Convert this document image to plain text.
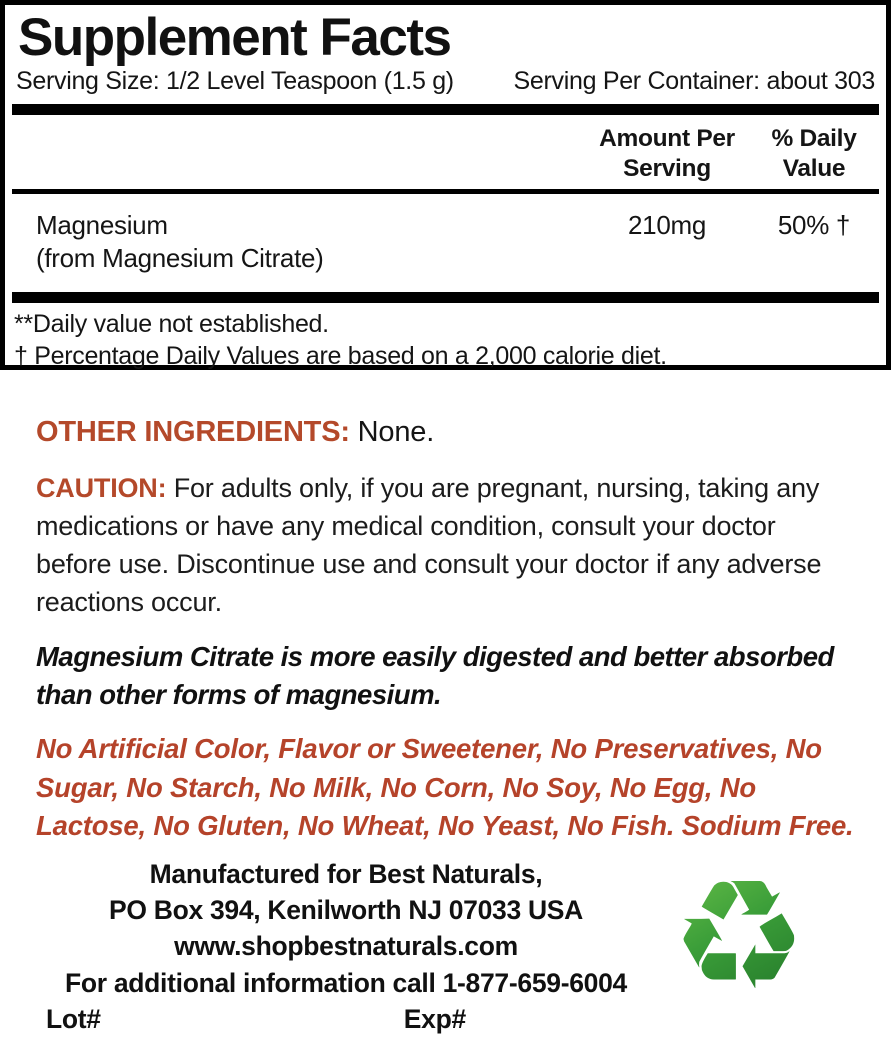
Supplement Facts
Serving Size: 1/2 Level Teaspoon (1.5 g) Serving Per Container: about 303
Amount Per Serving
% Daily Value
Magnesium
(from Magnesium Citrate)
210mg	50% †
**Daily value not established.
† Percentage Daily Values are based on a 2,000 calorie diet.

OTHER INGREDIENTS: None.

CAUTION: For adults only, if you are pregnant, nursing, taking any medications or have any medical condition, consult your doctor before use. Discontinue use and consult your doctor if any adverse reactions occur.

Magnesium Citrate is more easily digested and better absorbed than other forms of magnesium.

No Artificial Color, Flavor or Sweetener, No Preservatives, No Sugar, No Starch, No Milk, No Corn, No Soy, No Egg, No Lactose, No Gluten, No Wheat, No Yeast, No Fish. Sodium Free.

Manufactured for Best Naturals,
PO Box 394, Kenilworth NJ 07033 USA
www.shopbestnaturals.com
For additional information call 1-877-659-6004
Lot#	Exp# ♻
